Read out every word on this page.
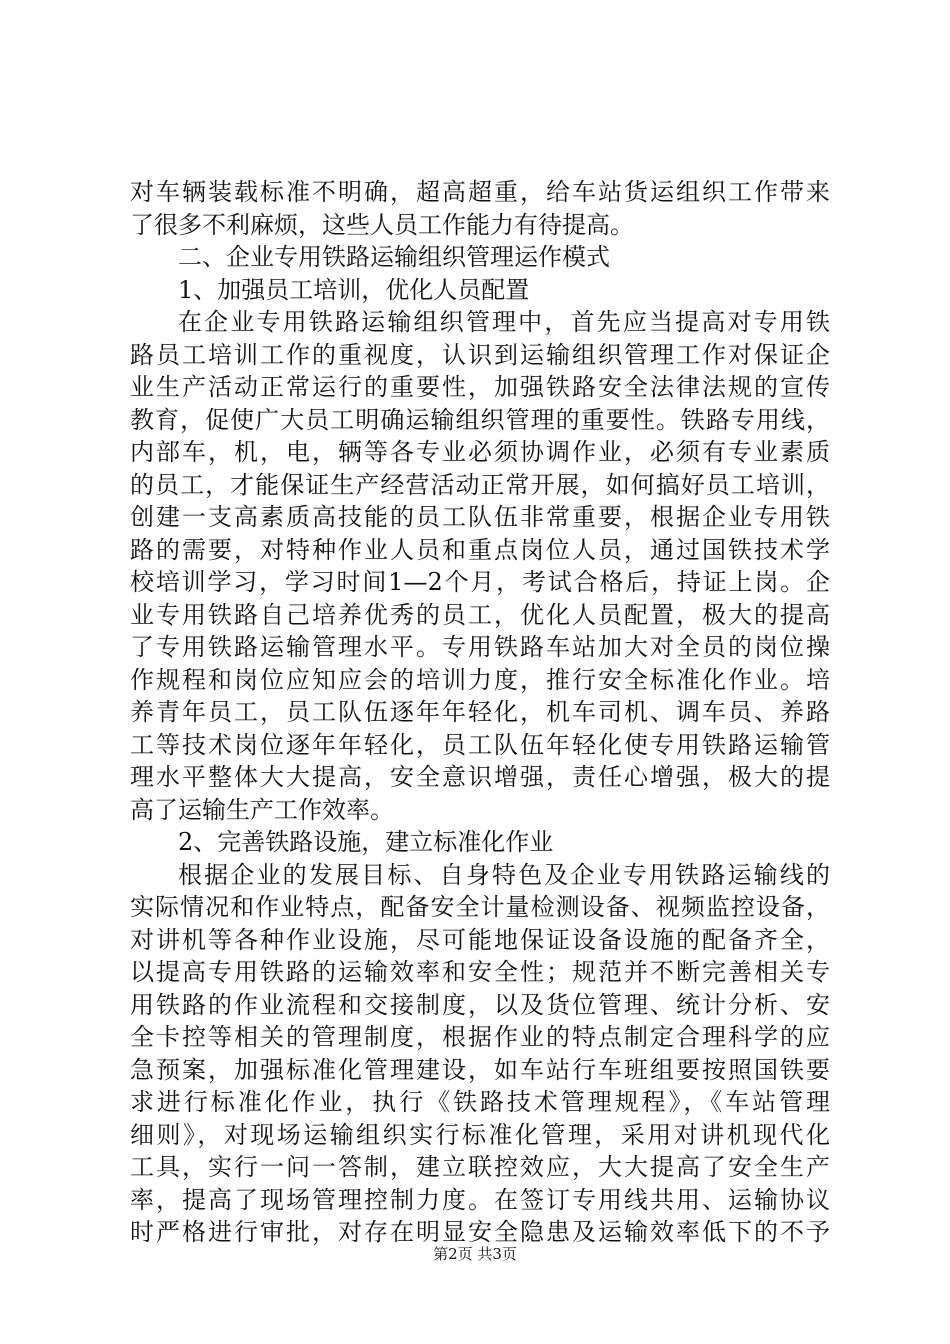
对车辆装载标准不明确，超高超重，给车站货运组织工作带来
了很多不利麻烦，这些人员工作能力有待提高。
二、企业专用铁路运输组织管理运作模式
1、加强员工培训，优化人员配置
在企业专用铁路运输组织管理中，首先应当提高对专用铁
路员工培训工作的重视度，认识到运输组织管理工作对保证企
业生产活动正常运行的重要性，加强铁路安全法律法规的宣传
教育，促使广大员工明确运输组织管理的重要性。铁路专用线，
内部车，机，电，辆等各专业必须协调作业，必须有专业素质
的员工，才能保证生产经营活动正常开展，如何搞好员工培训，
创建一支高素质高技能的员工队伍非常重要，根据企业专用铁
路的需要，对特种作业人员和重点岗位人员，通过国铁技术学
校培训学习，学习时间1—2个月，考试合格后，持证上岗。企
业专用铁路自己培养优秀的员工，优化人员配置，极大的提高
了专用铁路运输管理水平。专用铁路车站加大对全员的岗位操
作规程和岗位应知应会的培训力度，推行安全标准化作业。培
养青年员工，员工队伍逐年年轻化，机车司机、调车员、养路
工等技术岗位逐年年轻化，员工队伍年轻化使专用铁路运输管
理水平整体大大提高，安全意识增强，责任心增强，极大的提
高了运输生产工作效率。
2、完善铁路设施，建立标准化作业
根据企业的发展目标、自身特色及企业专用铁路运输线的
实际情况和作业特点，配备安全计量检测设备、视频监控设备，
对讲机等各种作业设施，尽可能地保证设备设施的配备齐全，
以提高专用铁路的运输效率和安全性；规范并不断完善相关专
用铁路的作业流程和交接制度，以及货位管理、统计分析、安
全卡控等相关的管理制度，根据作业的特点制定合理科学的应
急预案，加强标准化管理建设，如车站行车班组要按照国铁要
求进行标准化作业，执行《铁路技术管理规程》，《车站管理
细则》，对现场运输组织实行标准化管理，采用对讲机现代化
工具，实行一问一答制，建立联控效应，大大提高了安全生产
率，提高了现场管理控制力度。在签订专用线共用、运输协议
时严格进行审批，对存在明显安全隐患及运输效率低下的不予
第2页 共3页
